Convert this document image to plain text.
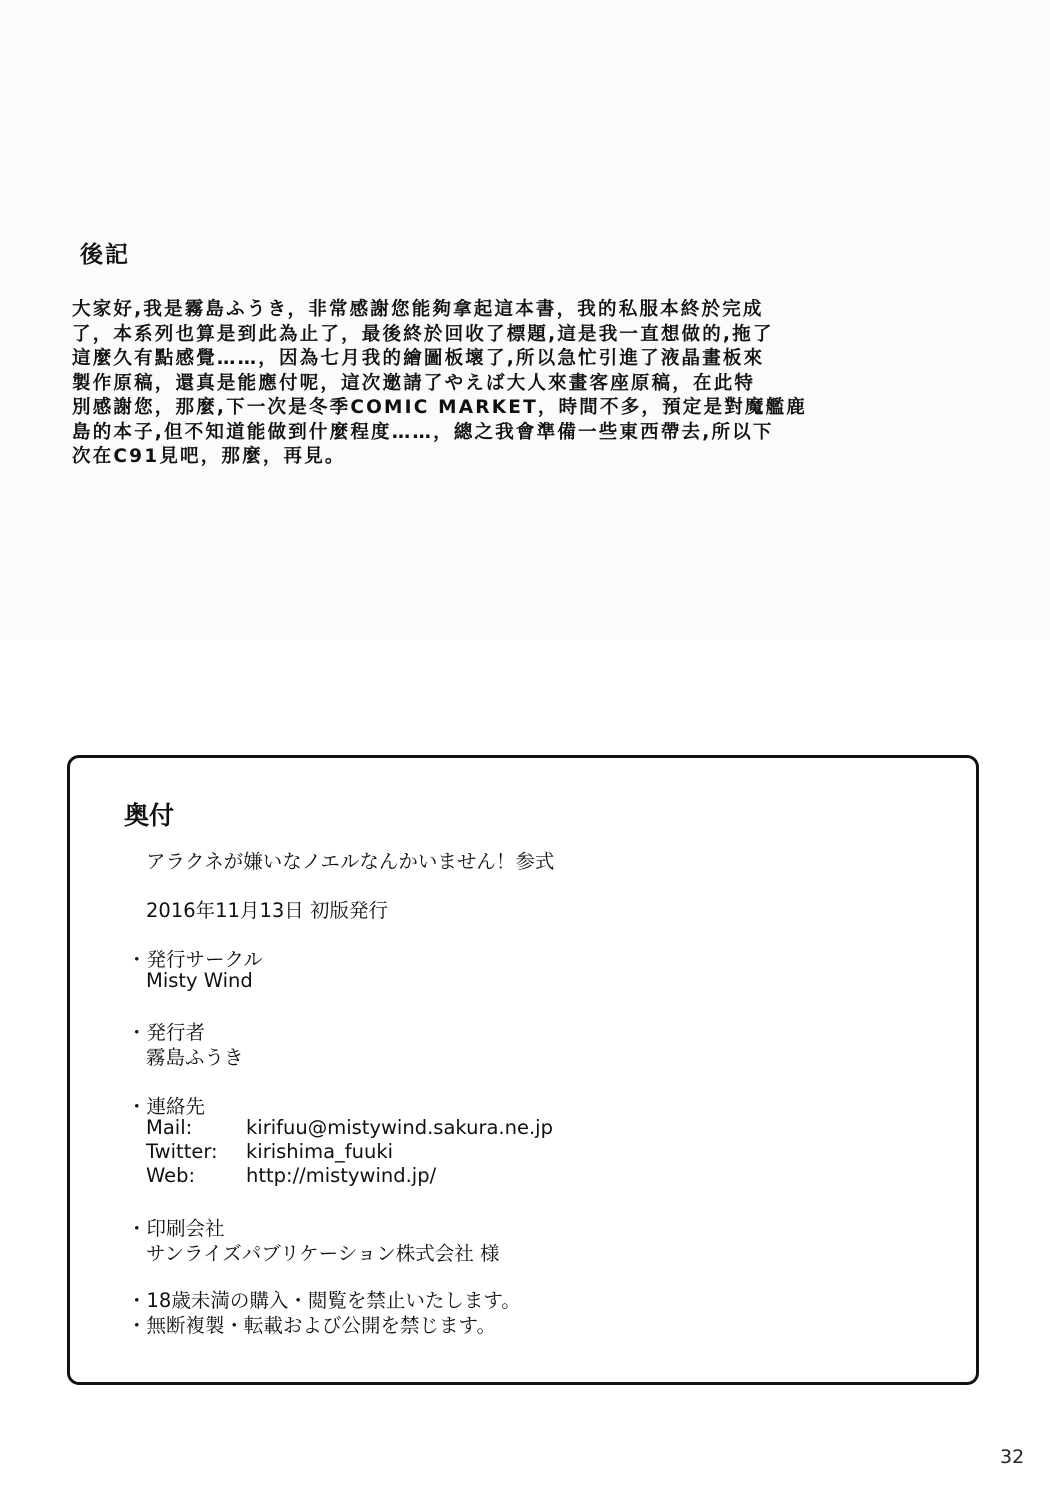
後記
大家好,我是霧島ふうき，非常感謝您能夠拿起這本書，我的私服本終於完成
了，本系列也算是到此為止了，最後終於回收了標題,這是我一直想做的,拖了
這麼久有點感覺……，因為七月我的繪圖板壞了,所以急忙引進了液晶畫板來
製作原稿，還真是能應付呢，這次邀請了やえば大人來畫客座原稿，在此特
別感謝您，那麼,下一次是冬季COMIC MARKET，時間不多，預定是對魔艦鹿
島的本子,但不知道能做到什麼程度……，總之我會準備一些東西帶去,所以下
次在C91見吧，那麼，再見。
奥付
アラクネが嫌いなノエルなんかいません！参式
2016年11月13日 初版発行
・発行サークル
Misty Wind
・発行者
霧島ふうき
・連絡先
Mail:	kirifuu@mistywind.sakura.ne.jp
Twitter: kirishima_fuuki
Web:	http://mistywind.jp/
・印刷会社
サンライズパブリケーション株式会社 様
・18歳未満の購入・閲覧を禁止いたします。
・無断複製・転載および公開を禁じます。
32
